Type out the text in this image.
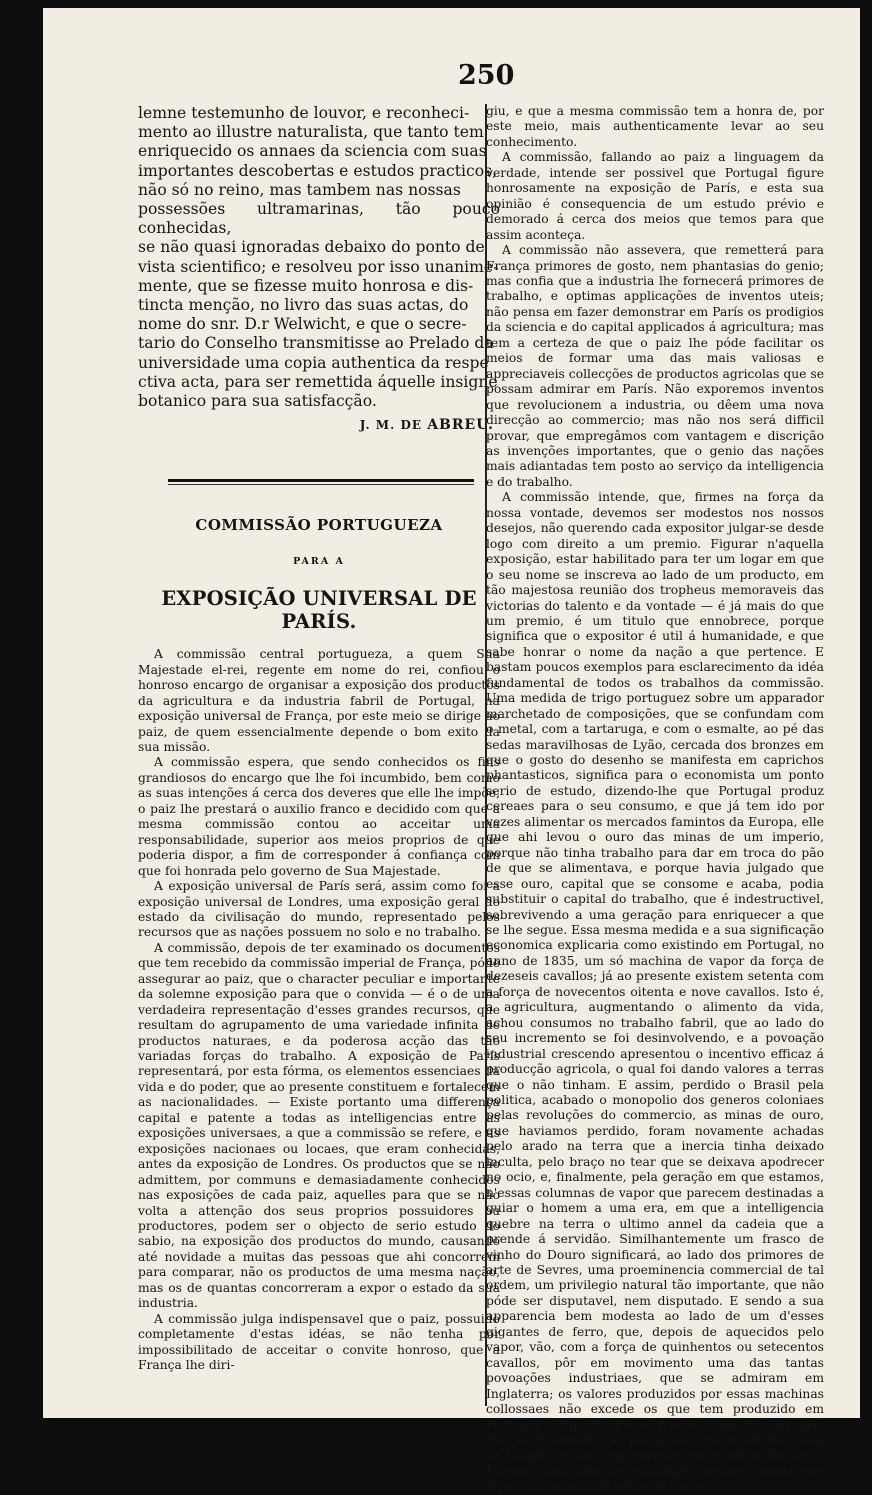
250
lemne testemunho de louvor, e reconheci-
mento ao illustre naturalista, que tanto tem
enriquecido os annaes da sciencia com suas
importantes descobertas e estudos practicos,
não só no reino, mas tambem nas nossas
possessões ultramarinas, tão pouco conhecidas,
se não quasi ignoradas debaixo do ponto de
vista scientifico; e resolveu por isso unanime-
mente, que se fizesse muito honrosa e dis-
tincta menção, no livro das suas actas, do
nome do snr. D.r Welwicht, e que o secre-
tario do Conselho transmitisse ao Prelado da
universidade uma copia authentica da respe
ctiva acta, para ser remettida áquelle insigne
botanico para sua satisfacção.
J. M. DE ABREU.
COMMISSÃO PORTUGUEZA
PARA A
EXPOSIÇÃO UNIVERSAL DE PARÍS.

A commissão central portugueza, a quem Sua Majestade el-rei, regente em nome do rei, confiou o honroso encargo de organisar a exposição dos productos da agricultura e da industria fabril de Portugal, na exposição universal de França, por este meio se dirige ao paiz, de quem essencialmente depende o bom exito da sua missão.

A commissão espera, que sendo conhecidos os fins grandiosos do encargo que lhe foi incumbido, bem como as suas intenções á cerca dos deveres que elle lhe impõe, o paiz lhe prestará o auxilio franco e decidido com que a mesma commissão contou ao acceitar uma responsabilidade, superior aos meios proprios de que poderia dispor, a fim de corresponder á confiança com que foi honrada pelo governo de Sua Majestade.

A exposição universal de París será, assim como foi a exposição universal de Londres, uma exposição geral do estado da civilisação do mundo, representado pelos recursos que as nações possuem no solo e no trabalho.

A commissão, depois de ter examinado os documentos que tem recebido da commissão imperial de França, póde assegurar ao paiz, que o character peculiar e importante da solemne exposição para que o convida — é o de uma verdadeira representação d'esses grandes recursos, que resultam do agrupamento de uma variedade infinita de productos naturaes, e da poderosa acção das tão variadas forças do trabalho. A exposição de París representará, por esta fórma, os elementos essenciaes da vida e do poder, que ao presente constituem e fortalecem as nacionalidades. — Existe portanto uma differença capital e patente a todas as intelligencias entre as exposições universaes, a que a commissão se refere, e as exposições nacionaes ou locaes, que eram conhecidas, antes da exposição de Londres. Os productos que se não admittem, por communs e demasiadamente conhecidos nas exposições de cada paiz, aquelles para que se não volta a attenção dos seus proprios possuidores ou productores, podem ser o objecto de serio estudo do sabio, na exposição dos productos do mundo, causando até novidade a muitas das pessoas que ahi concorrem para comparar, não os productos de uma mesma nação, mas os de quantas concorreram a expor o estado da sua industria.

A commissão julga indispensavel que o paiz, possuido completamente d'estas idéas, se não tenha por impossibilitado de acceitar o convite honroso, que a França lhe diri-

giu, e que a mesma commissão tem a honra de, por este meio, mais authenticamente levar ao seu conhecimento.

A commissão, fallando ao paiz a linguagem da verdade, intende ser possivel que Portugal figure honrosamente na exposição de París, e esta sua opinião é consequencia de um estudo prévio e demorado á cerca dos meios que temos para que assim aconteça.

A commissão não assevera, que remetterá para França primores de gosto, nem phantasias do genio; mas confia que a industria lhe fornecerá primores de trabalho, e optimas applicações de inventos uteis; não pensa em fazer demonstrar em París os prodigios da sciencia e do capital applicados á agricultura; mas tem a certeza de que o paiz lhe póde facilitar os meios de formar uma das mais valiosas e appreciaveis collecções de productos agricolas que se possam admirar em París. Não exporemos inventos que revolucionem a industria, ou dêem uma nova direcção ao commercio; mas não nos será difficil provar, que empregâmos com vantagem e discrição as invenções importantes, que o genio das nações mais adiantadas tem posto ao serviço da intelligencia e do trabalho.

A commissão intende, que, firmes na força da nossa vontade, devemos ser modestos nos nossos desejos, não querendo cada expositor julgar-se desde logo com direito a um premio. Figurar n'aquella exposição, estar habilitado para ter um logar em que o seu nome se inscreva ao lado de um producto, em tão majestosa reunião dos tropheus memoraveis das victorias do talento e da vontade — é já mais do que um premio, é um titulo que ennobrece, porque significa que o expositor é util á humanidade, e que sabe honrar o nome da nação a que pertence. E bastam poucos exemplos para esclarecimento da idéa fundamental de todos os trabalhos da commissão. Uma medida de trigo portuguez sobre um apparador marchetado de composições, que se confundam com o metal, com a tartaruga, e com o esmalte, ao pé das sedas maravilhosas de Lyão, cercada dos bronzes em que o gosto do desenho se manifesta em caprichos phantasticos, significa para o economista um ponto serio de estudo, dizendo-lhe que Portugal produz cereaes para o seu consumo, e que já tem ido por vezes alimentar os mercados famintos da Europa, elle que ahi levou o ouro das minas de um imperio, porque não tinha trabalho para dar em troca do pão de que se alimentava, e porque havia julgado que esse ouro, capital que se consome e acaba, podia substituir o capital do trabalho, que é indestructivel, sobrevivendo a uma geração para enriquecer a que se lhe segue. Essa mesma medida e a sua significação economica explicaria como existindo em Portugal, no anno de 1835, um só machina de vapor da força de dezeseis cavallos; já ao presente existem setenta com a força de novecentos oitenta e nove cavallos. Isto é, a agricultura, augmentando o alimento da vida, achou consumos no trabalho fabril, que ao lado do seu incremento se foi desinvolvendo, e a povoação industrial crescendo apresentou o incentivo efficaz á producção agricola, o qual foi dando valores a terras que o não tinham. E assim, perdido o Brasil pela politica, acabado o monopolio dos generos coloniaes pelas revoluções do commercio, as minas de ouro, que haviamos perdido, foram novamente achadas pelo arado na terra que a inercia tinha deixado inculta, pelo braço no tear que se deixava apodrecer no ocio, e, finalmente, pela geração em que estamos, n'essas columnas de vapor que parecem destinadas a guiar o homem a uma era, em que a intelligencia quebre na terra o ultimo annel da cadeia que a prende á servidão. Similhantemente um frasco de vinho do Douro significará, ao lado dos primores de arte de Sevres, uma proeminencia commercial de tal ordem, um privilegio natural tão importante, que não póde ser disputavel, nem disputado. E sendo a sua apparencia bem modesta ao lado de um d'esses gigantes de ferro, que, depois de aquecidos pelo vapor, vão, com a força de quinhentos ou setecentos cavallos, pôr em movimento uma das tantas povoações industriaes, que se admiram em Inglaterra; os valores produzidos por essas machinas collossaes não excede os que tem produzido em Portugal o liquido d'esse frasco. Uma das laranjas que se produzem nas povoações que ficam nas abas de Lisboa, ou das que enriquecem a nossa ilha de S. Miguel, dará idéa de avultados capitaes, ainda que fique mal escondida entre os varia-
